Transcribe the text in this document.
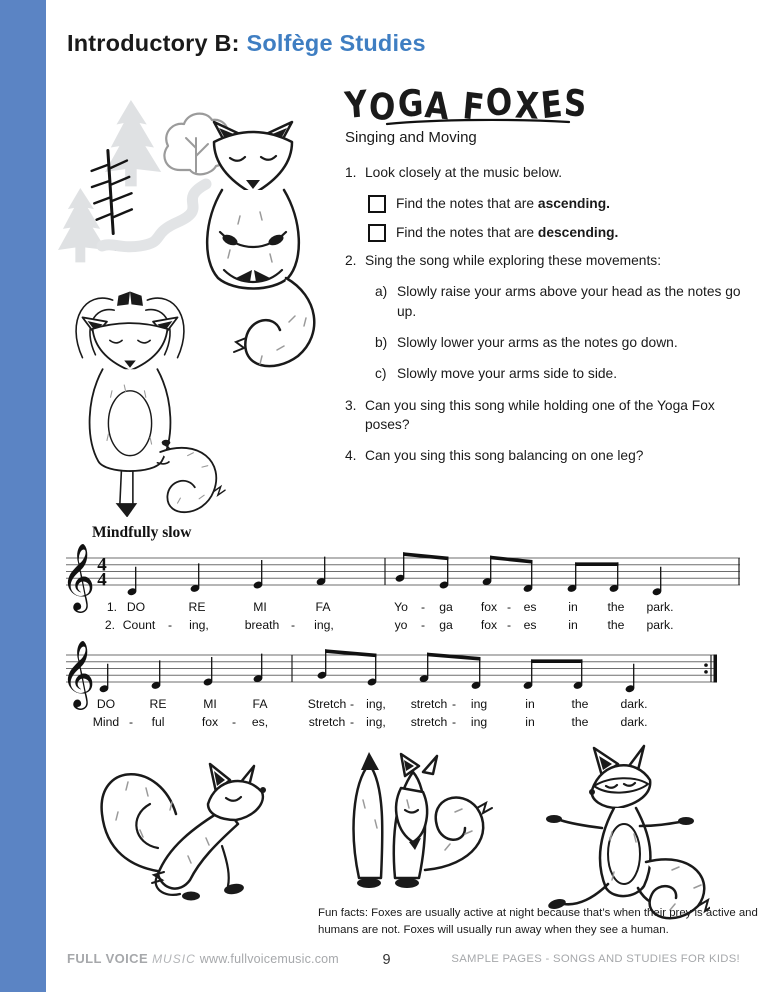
Introductory B: Solfège Studies
YOGA FOXES
Singing and Moving
1. Look closely at the music below.
Find the notes that are ascending.
Find the notes that are descending.
2. Sing the song while exploring these movements:
a) Slowly raise your arms above your head as the notes go up.
b) Slowly lower your arms as the notes go down.
c) Slowly move your arms side to side.
3. Can you sing this song while holding one of the Yoga Fox poses?
4. Can you sing this song balancing on one leg?
Mindfully slow
𝄞 4
4
1. DO	RE	MI	FA	Yo - ga fox - es	in the park.
2. Count - ing,	breath - ing,	yo - ga fox - es	in the park.
𝄞 DO	RE	MI	FA	Stretch - ing, stretch - ing	in	the	dark.
Mind - ful	fox - es,	stretch - ing, stretch - ing	in	the	dark.
Fun facts: Foxes are usually active at night because that’s when their prey is active and humans are not. Foxes will usually run away when they see a human.
FULL VOICE MUSIC www.fullvoicemusic.com	9	SAMPLE PAGES - SONGS AND STUDIES FOR KIDS!
